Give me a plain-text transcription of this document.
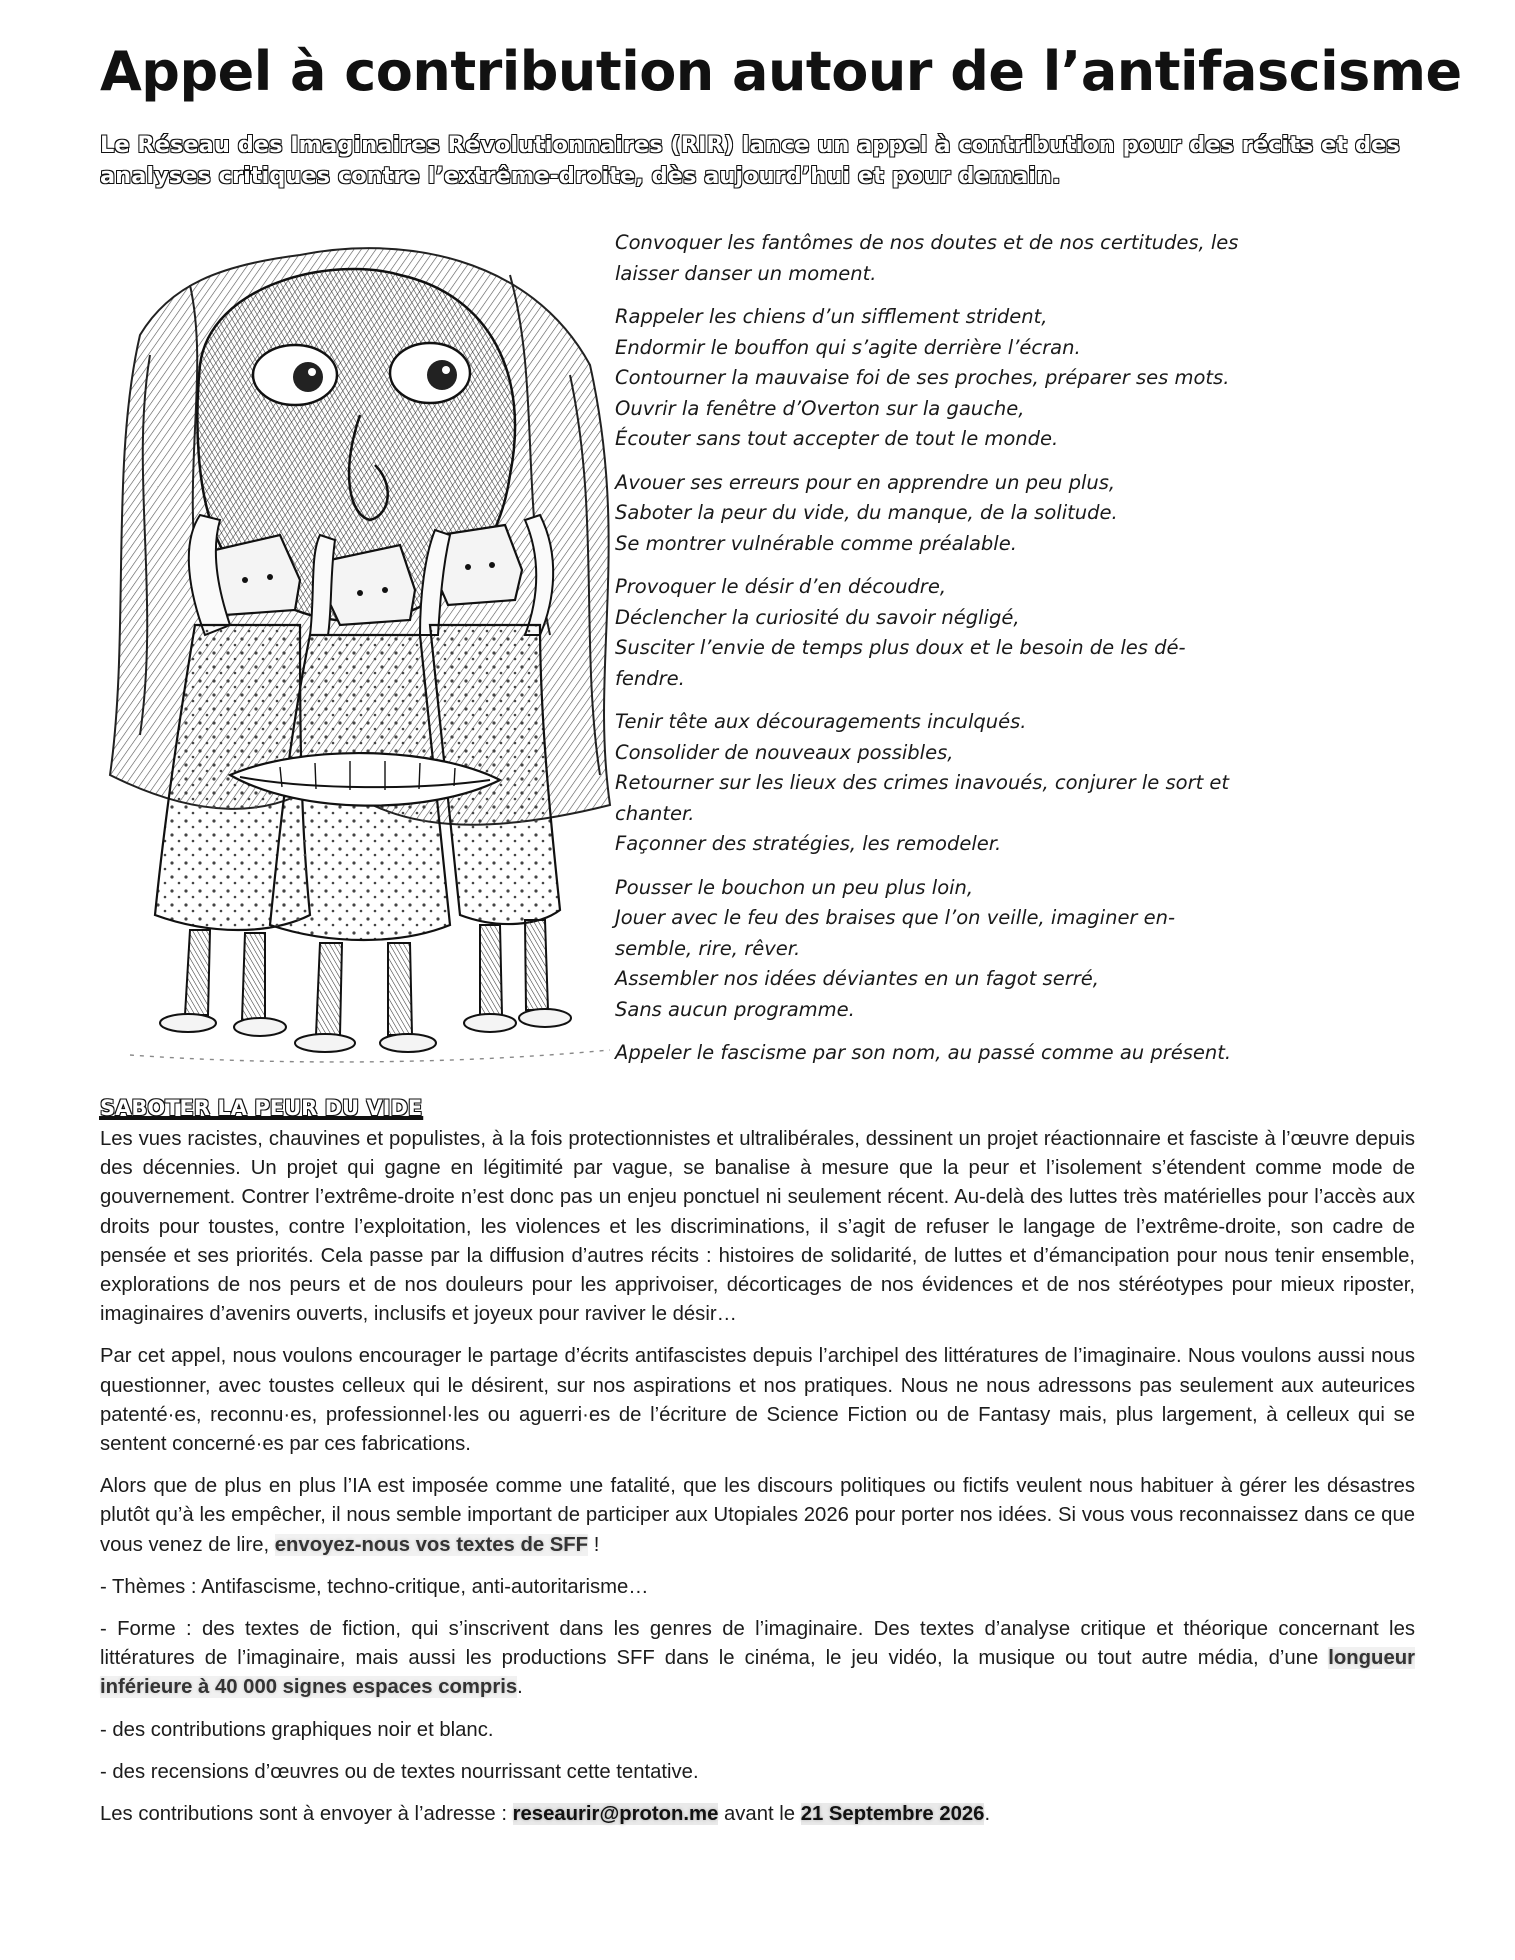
Appel à contribution autour de l’antifascisme

Le Réseau des Imaginaires Révolutionnaires (RIR) lance un appel à contribution pour des récits et des analyses critiques contre l’extrême-droite, dès aujourd’hui et pour demain.

SABOTER LA PEUR DU VIDE

Les vues racistes, chauvines et populistes, à la fois protectionnistes et ultralibérales, dessinent un projet réactionnaire et fasciste à l’œuvre depuis des décennies. Un projet qui gagne en légitimité par vague, se banalise à mesure que la peur et l’isolement s’étendent comme mode de gouvernement. Contrer l’extrême-droite n’est donc pas un enjeu ponctuel ni seulement récent. Au-delà des luttes très matérielles pour l’accès aux droits pour toustes, contre l’exploitation, les violences et les discriminations, il s’agit de refuser le langage de l’extrême-droite, son cadre de pensée et ses priorités. Cela passe par la diffusion d’autres récits : histoires de solidarité, de luttes et d’émancipation pour nous tenir ensemble, explorations de nos peurs et de nos douleurs pour les apprivoiser, décorticages de nos évidences et de nos stéréotypes pour mieux riposter, imaginaires d’avenirs ouverts, inclusifs et joyeux pour raviver le désir…

Par cet appel, nous voulons encourager le partage d’écrits antifascistes depuis l’archipel des littératures de l’imaginaire. Nous voulons aussi nous questionner, avec toustes celleux qui le désirent, sur nos aspirations et nos pratiques. Nous ne nous adressons pas seulement aux auteurices patenté·es, reconnu·es, professionnel·les ou aguerri·es de l’écriture de Science Fiction ou de Fantasy mais, plus largement, à celleux qui se sentent concerné·es par ces fabrications.

Alors que de plus en plus l’IA est imposée comme une fatalité, que les discours politiques ou fictifs veulent nous habituer à gérer les désastres plutôt qu’à les empêcher, il nous semble important de participer aux Utopiales 2026 pour porter nos idées. Si vous vous reconnaissez dans ce que vous venez de lire, envoyez-nous vos textes de SFF !

- Thèmes : Antifascisme, techno-critique, anti-autoritarisme…

- Forme : des textes de fiction, qui s’inscrivent dans les genres de l’imaginaire. Des textes d’analyse critique et théorique concernant les littératures de l’imaginaire, mais aussi les productions SFF dans le cinéma, le jeu vidéo, la musique ou tout autre média, d’une longueur inférieure à 40 000 signes espaces compris.

- des contributions graphiques noir et blanc.

- des recensions d’œuvres ou de textes nourrissant cette tentative.

Les contributions sont à envoyer à l’adresse : reseaurir@proton.me avant le 21 Septembre 2026.

Convoquer les fantômes de nos doutes et de nos certitudes, les
laisser danser un moment.

Rappeler les chiens d’un sifflement strident,
Endormir le bouffon qui s’agite derrière l’écran.
Contourner la mauvaise foi de ses proches, préparer ses mots.
Ouvrir la fenêtre d’Overton sur la gauche,
Écouter sans tout accepter de tout le monde.

Avouer ses erreurs pour en apprendre un peu plus,
Saboter la peur du vide, du manque, de la solitude.
Se montrer vulnérable comme préalable.

Provoquer le désir d’en découdre,
Déclencher la curiosité du savoir négligé,
Susciter l’envie de temps plus doux et le besoin de les dé-
fendre.

Tenir tête aux découragements inculqués.
Consolider de nouveaux possibles,
Retourner sur les lieux des crimes inavoués, conjurer le sort et
chanter.
Façonner des stratégies, les remodeler.

Pousser le bouchon un peu plus loin,
Jouer avec le feu des braises que l’on veille, imaginer en-
semble, rire, rêver.
Assembler nos idées déviantes en un fagot serré,
Sans aucun programme.

Appeler le fascisme par son nom, au passé comme au présent.
